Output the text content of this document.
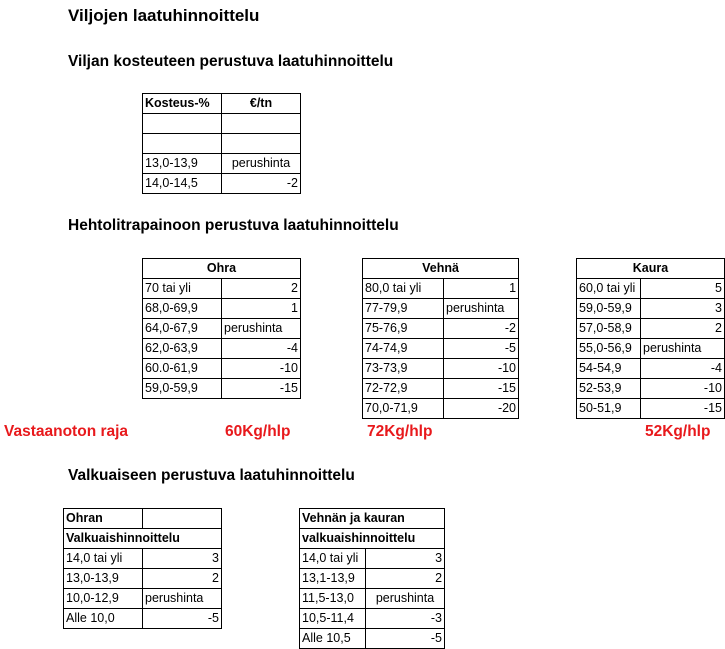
Viljojen laatuhinnoittelu
Viljan kosteuteen perustuva laatuhinnoittelu
Kosteus-%	€/tn

13,0-13,9	perushinta
14,0-14,5	-2
Hehtolitrapainoon perustuva laatuhinnoittelu
Ohra	
70 tai yli	2
68,0-69,9	1
64,0-67,9	perushinta
62,0-63,9	-4
60.0-61,9	-10
59,0-59,9	-15
Vehnä	
80,0 tai yli	1
77-79,9	perushinta
75-76,9	-2
74-74,9	-5
73-73,9	-10
72-72,9	-15
70,0-71,9	-20
Kaura	
60,0 tai yli	5
59,0-59,9	3
57,0-58,9	2
55,0-56,9	perushinta
54-54,9	-4
52-53,9	-10
50-51,9	-15
Vastaanoton raja	60Kg/hlp	72Kg/hlp	52Kg/hlp
Valkuaiseen perustuva laatuhinnoittelu
Ohran	
Valkuaishinnoittelu	
14,0 tai yli	3
13,0-13,9	2
10,0-12,9	perushinta
Alle 10,0	-5
Vehnän ja kauran	
valkuaishinnoittelu	
14,0 tai yli	3
13,1-13,9	2
11,5-13,0	perushinta
10,5-11,4	-3
Alle 10,5	-5
